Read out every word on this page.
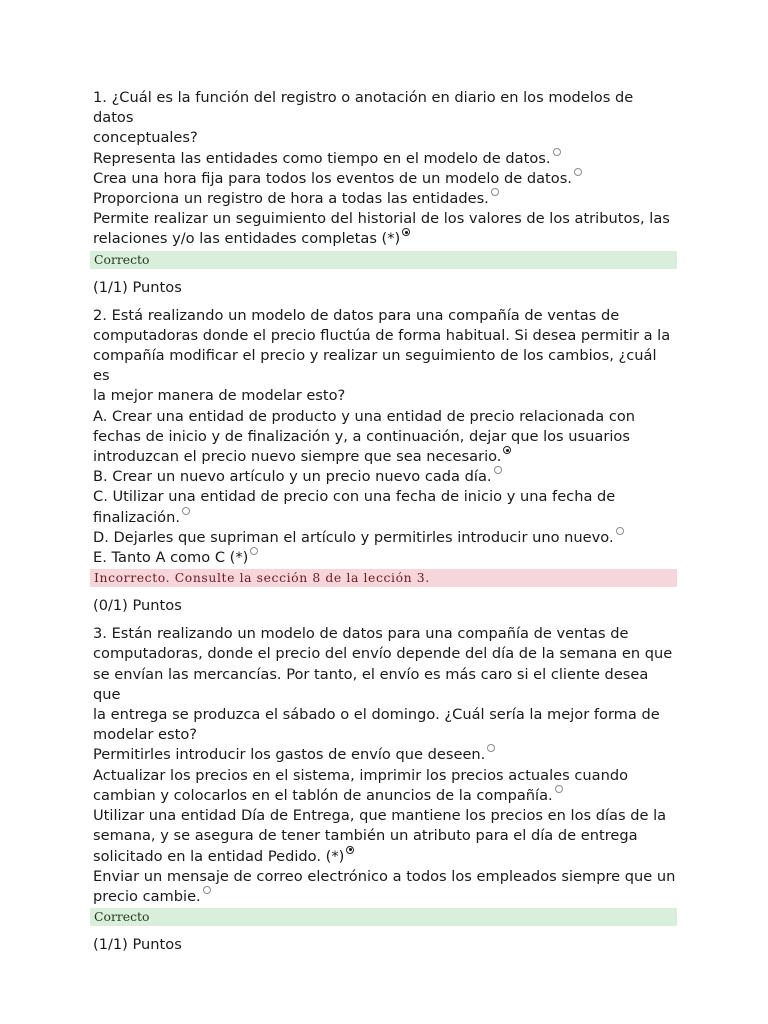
1. ¿Cuál es la función del registro o anotación en diario en los modelos de datos
conceptuales?
Representa las entidades como tiempo en el modelo de datos.
Crea una hora fija para todos los eventos de un modelo de datos.
Proporciona un registro de hora a todas las entidades.
Permite realizar un seguimiento del historial de los valores de los atributos, las
relaciones y/o las entidades completas (*)
Correcto
(1/1) Puntos
2. Está realizando un modelo de datos para una compañía de ventas de
computadoras donde el precio fluctúa de forma habitual. Si desea permitir a la
compañía modificar el precio y realizar un seguimiento de los cambios, ¿cuál es
la mejor manera de modelar esto?
A. Crear una entidad de producto y una entidad de precio relacionada con
fechas de inicio y de finalización y, a continuación, dejar que los usuarios
introduzcan el precio nuevo siempre que sea necesario.
B. Crear un nuevo artículo y un precio nuevo cada día.
C. Utilizar una entidad de precio con una fecha de inicio y una fecha de
finalización.
D. Dejarles que supriman el artículo y permitirles introducir uno nuevo.
E. Tanto A como C (*)
Incorrecto. Consulte la sección 8 de la lección 3.
(0/1) Puntos
3. Están realizando un modelo de datos para una compañía de ventas de
computadoras, donde el precio del envío depende del día de la semana en que
se envían las mercancías. Por tanto, el envío es más caro si el cliente desea que
la entrega se produzca el sábado o el domingo. ¿Cuál sería la mejor forma de
modelar esto?
Permitirles introducir los gastos de envío que deseen.
Actualizar los precios en el sistema, imprimir los precios actuales cuando
cambian y colocarlos en el tablón de anuncios de la compañía.
Utilizar una entidad Día de Entrega, que mantiene los precios en los días de la
semana, y se asegura de tener también un atributo para el día de entrega
solicitado en la entidad Pedido. (*)
Enviar un mensaje de correo electrónico a todos los empleados siempre que un
precio cambie.
Correcto
(1/1) Puntos
